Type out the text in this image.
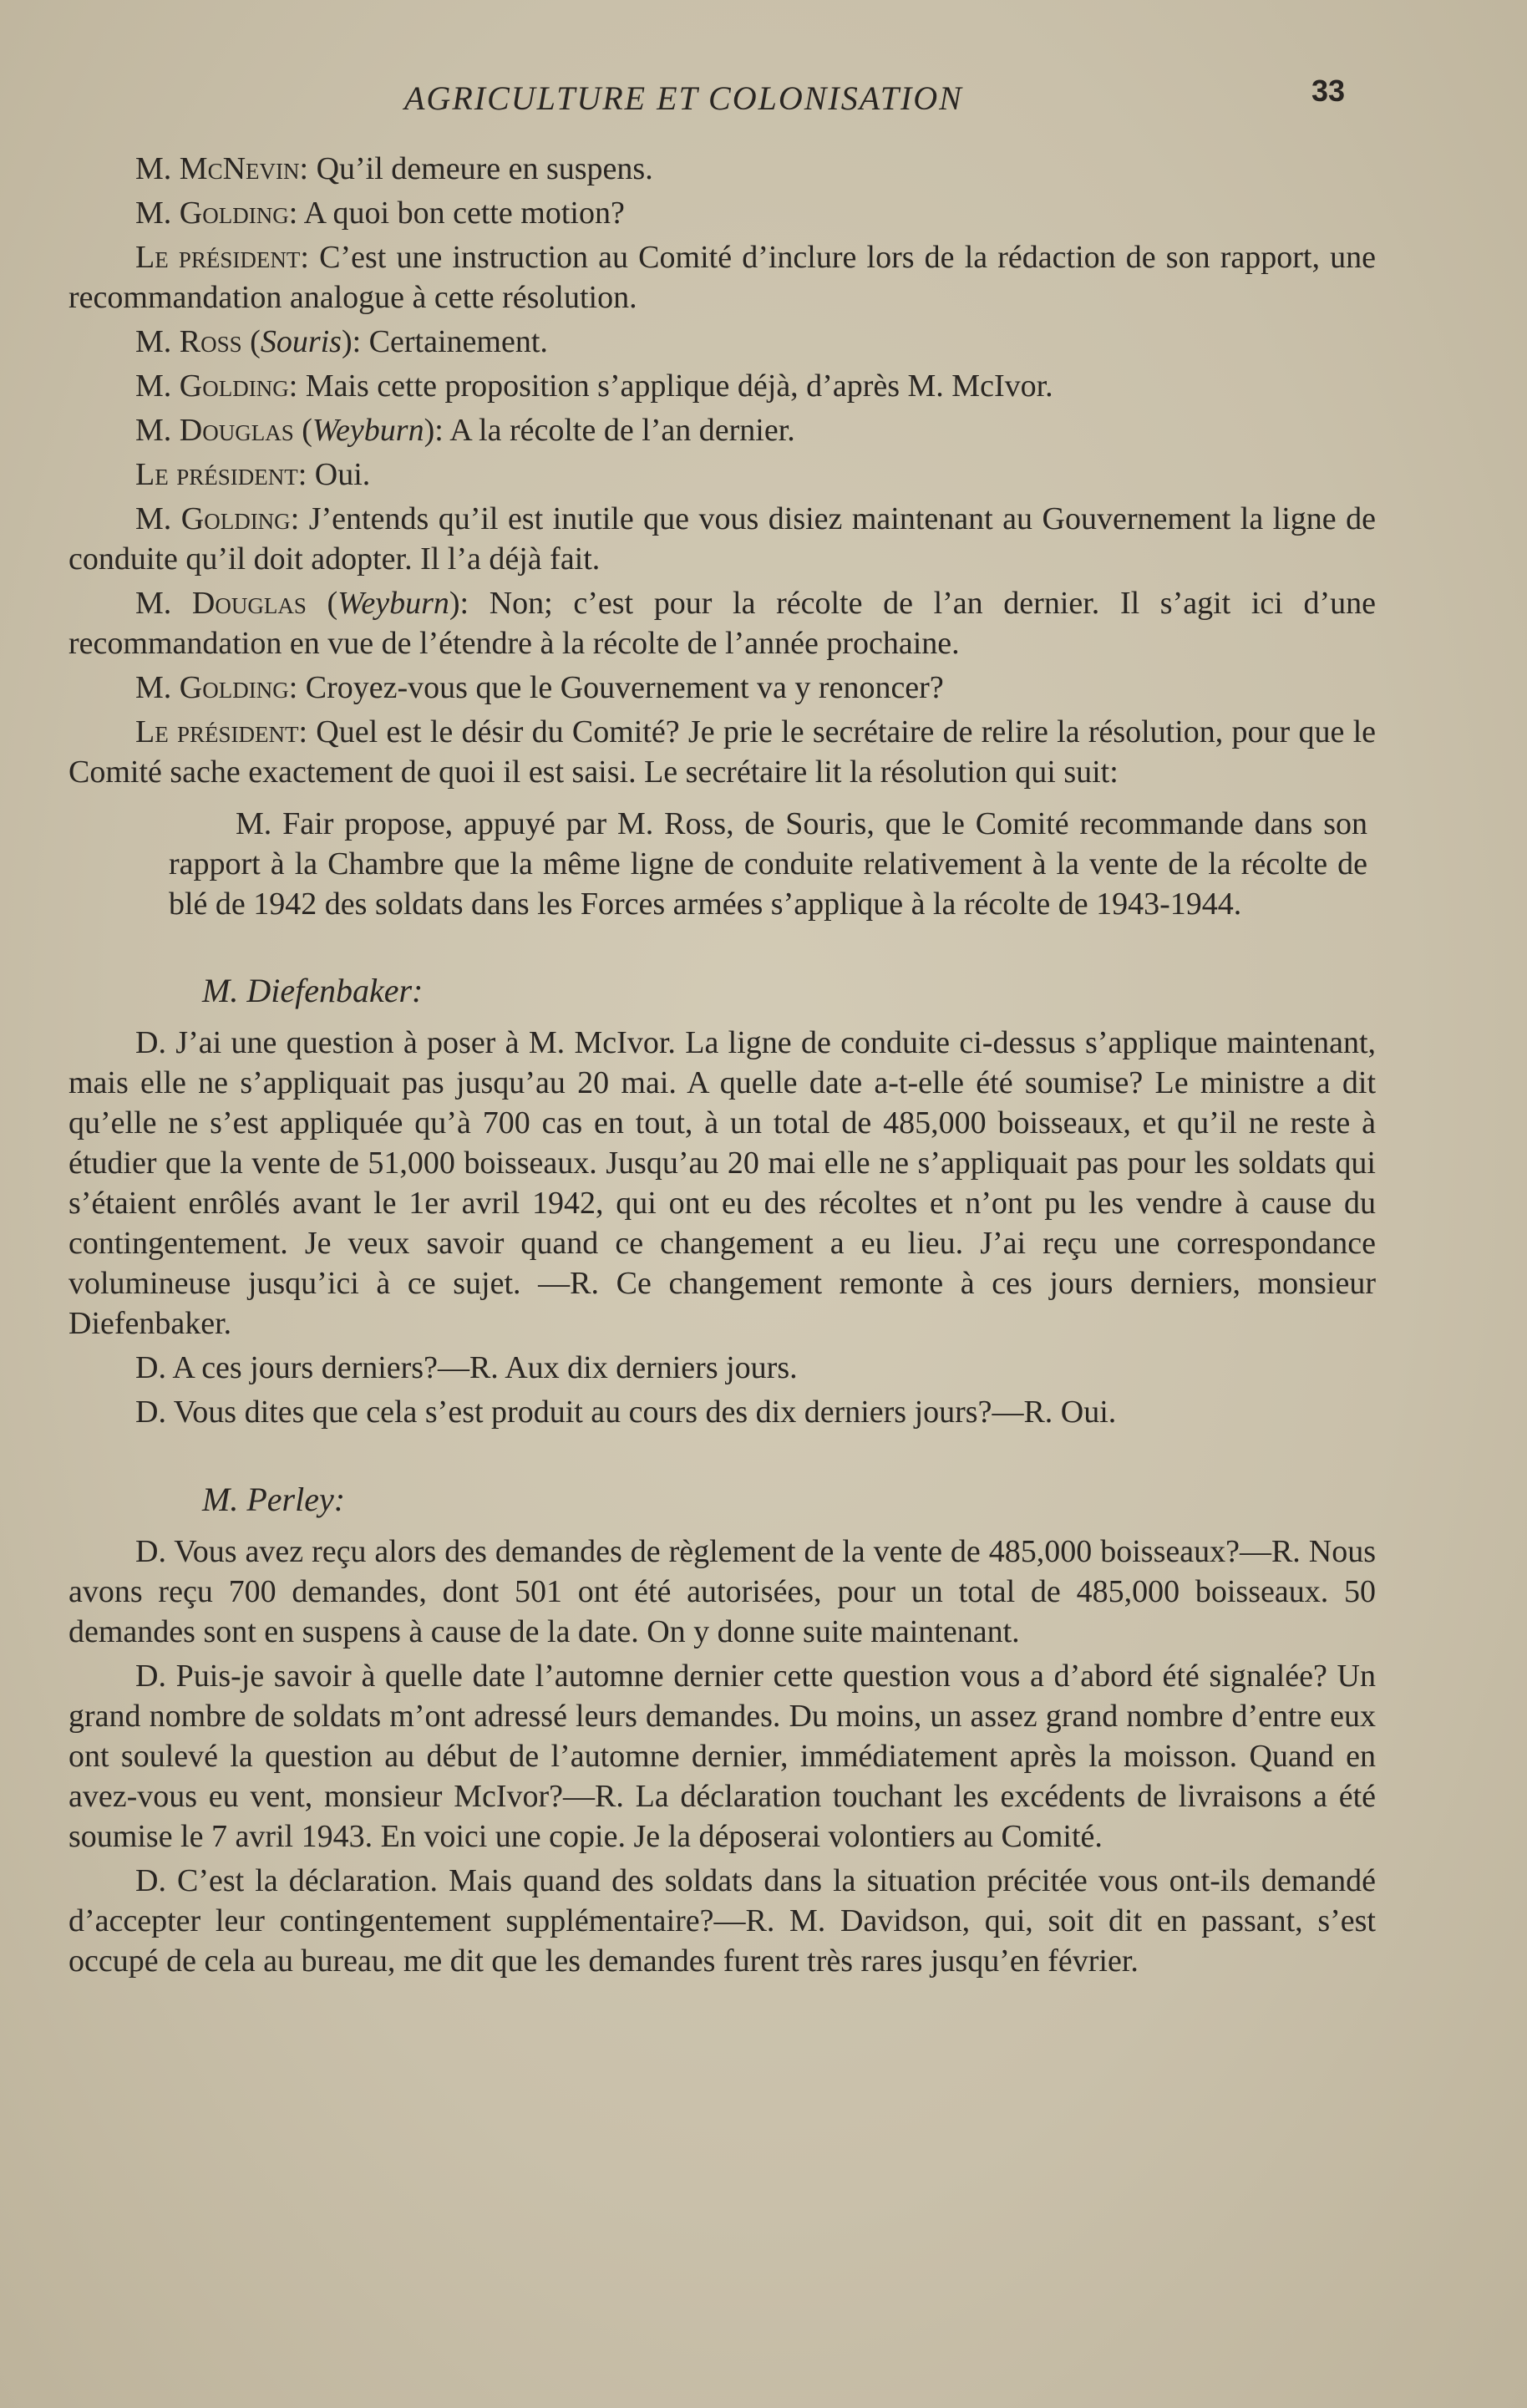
AGRICULTURE ET COLONISATION	33

M. McNevin: Qu’il demeure en suspens.

M. Golding: A quoi bon cette motion?

Le président: C’est une instruction au Comité d’inclure lors de la rédaction de son rapport, une recommandation analogue à cette résolution.

M. Ross (Souris): Certainement.

M. Golding: Mais cette proposition s’applique déjà, d’après M. McIvor.

M. Douglas (Weyburn): A la récolte de l’an dernier.

Le président: Oui.

M. Golding: J’entends qu’il est inutile que vous disiez maintenant au Gouvernement la ligne de conduite qu’il doit adopter. Il l’a déjà fait.

M. Douglas (Weyburn): Non; c’est pour la récolte de l’an dernier. Il s’agit ici d’une recommandation en vue de l’étendre à la récolte de l’année prochaine.

M. Golding: Croyez-vous que le Gouvernement va y renoncer?

Le président: Quel est le désir du Comité? Je prie le secrétaire de relire la résolution, pour que le Comité sache exactement de quoi il est saisi. Le secrétaire lit la résolution qui suit:

M. Fair propose, appuyé par M. Ross, de Souris, que le Comité recommande dans son rapport à la Chambre que la même ligne de conduite relativement à la vente de la récolte de blé de 1942 des soldats dans les Forces armées s’applique à la récolte de 1943-1944.

M. Diefenbaker:

D. J’ai une question à poser à M. McIvor. La ligne de conduite ci-dessus s’applique maintenant, mais elle ne s’appliquait pas jusqu’au 20 mai. A quelle date a-t-elle été soumise? Le ministre a dit qu’elle ne s’est appliquée qu’à 700 cas en tout, à un total de 485,000 boisseaux, et qu’il ne reste à étudier que la vente de 51,000 boisseaux. Jusqu’au 20 mai elle ne s’appliquait pas pour les soldats qui s’étaient enrôlés avant le 1er avril 1942, qui ont eu des récoltes et n’ont pu les vendre à cause du contingentement. Je veux savoir quand ce changement a eu lieu. J’ai reçu une correspondance volumineuse jusqu’ici à ce sujet. —R. Ce changement remonte à ces jours derniers, monsieur Diefenbaker.

D. A ces jours derniers?—R. Aux dix derniers jours.

D. Vous dites que cela s’est produit au cours des dix derniers jours?—R. Oui.

M. Perley:

D. Vous avez reçu alors des demandes de règlement de la vente de 485,000 boisseaux?—R. Nous avons reçu 700 demandes, dont 501 ont été autorisées, pour un total de 485,000 boisseaux. 50 demandes sont en suspens à cause de la date. On y donne suite maintenant.

D. Puis-je savoir à quelle date l’automne dernier cette question vous a d’abord été signalée? Un grand nombre de soldats m’ont adressé leurs demandes. Du moins, un assez grand nombre d’entre eux ont soulevé la question au début de l’automne dernier, immédiatement après la moisson. Quand en avez-vous eu vent, monsieur McIvor?—R. La déclaration touchant les excédents de livraisons a été soumise le 7 avril 1943. En voici une copie. Je la déposerai volontiers au Comité.

D. C’est la déclaration. Mais quand des soldats dans la situation précitée vous ont-ils demandé d’accepter leur contingentement supplémentaire?—R. M. Davidson, qui, soit dit en passant, s’est occupé de cela au bureau, me dit que les demandes furent très rares jusqu’en février.
